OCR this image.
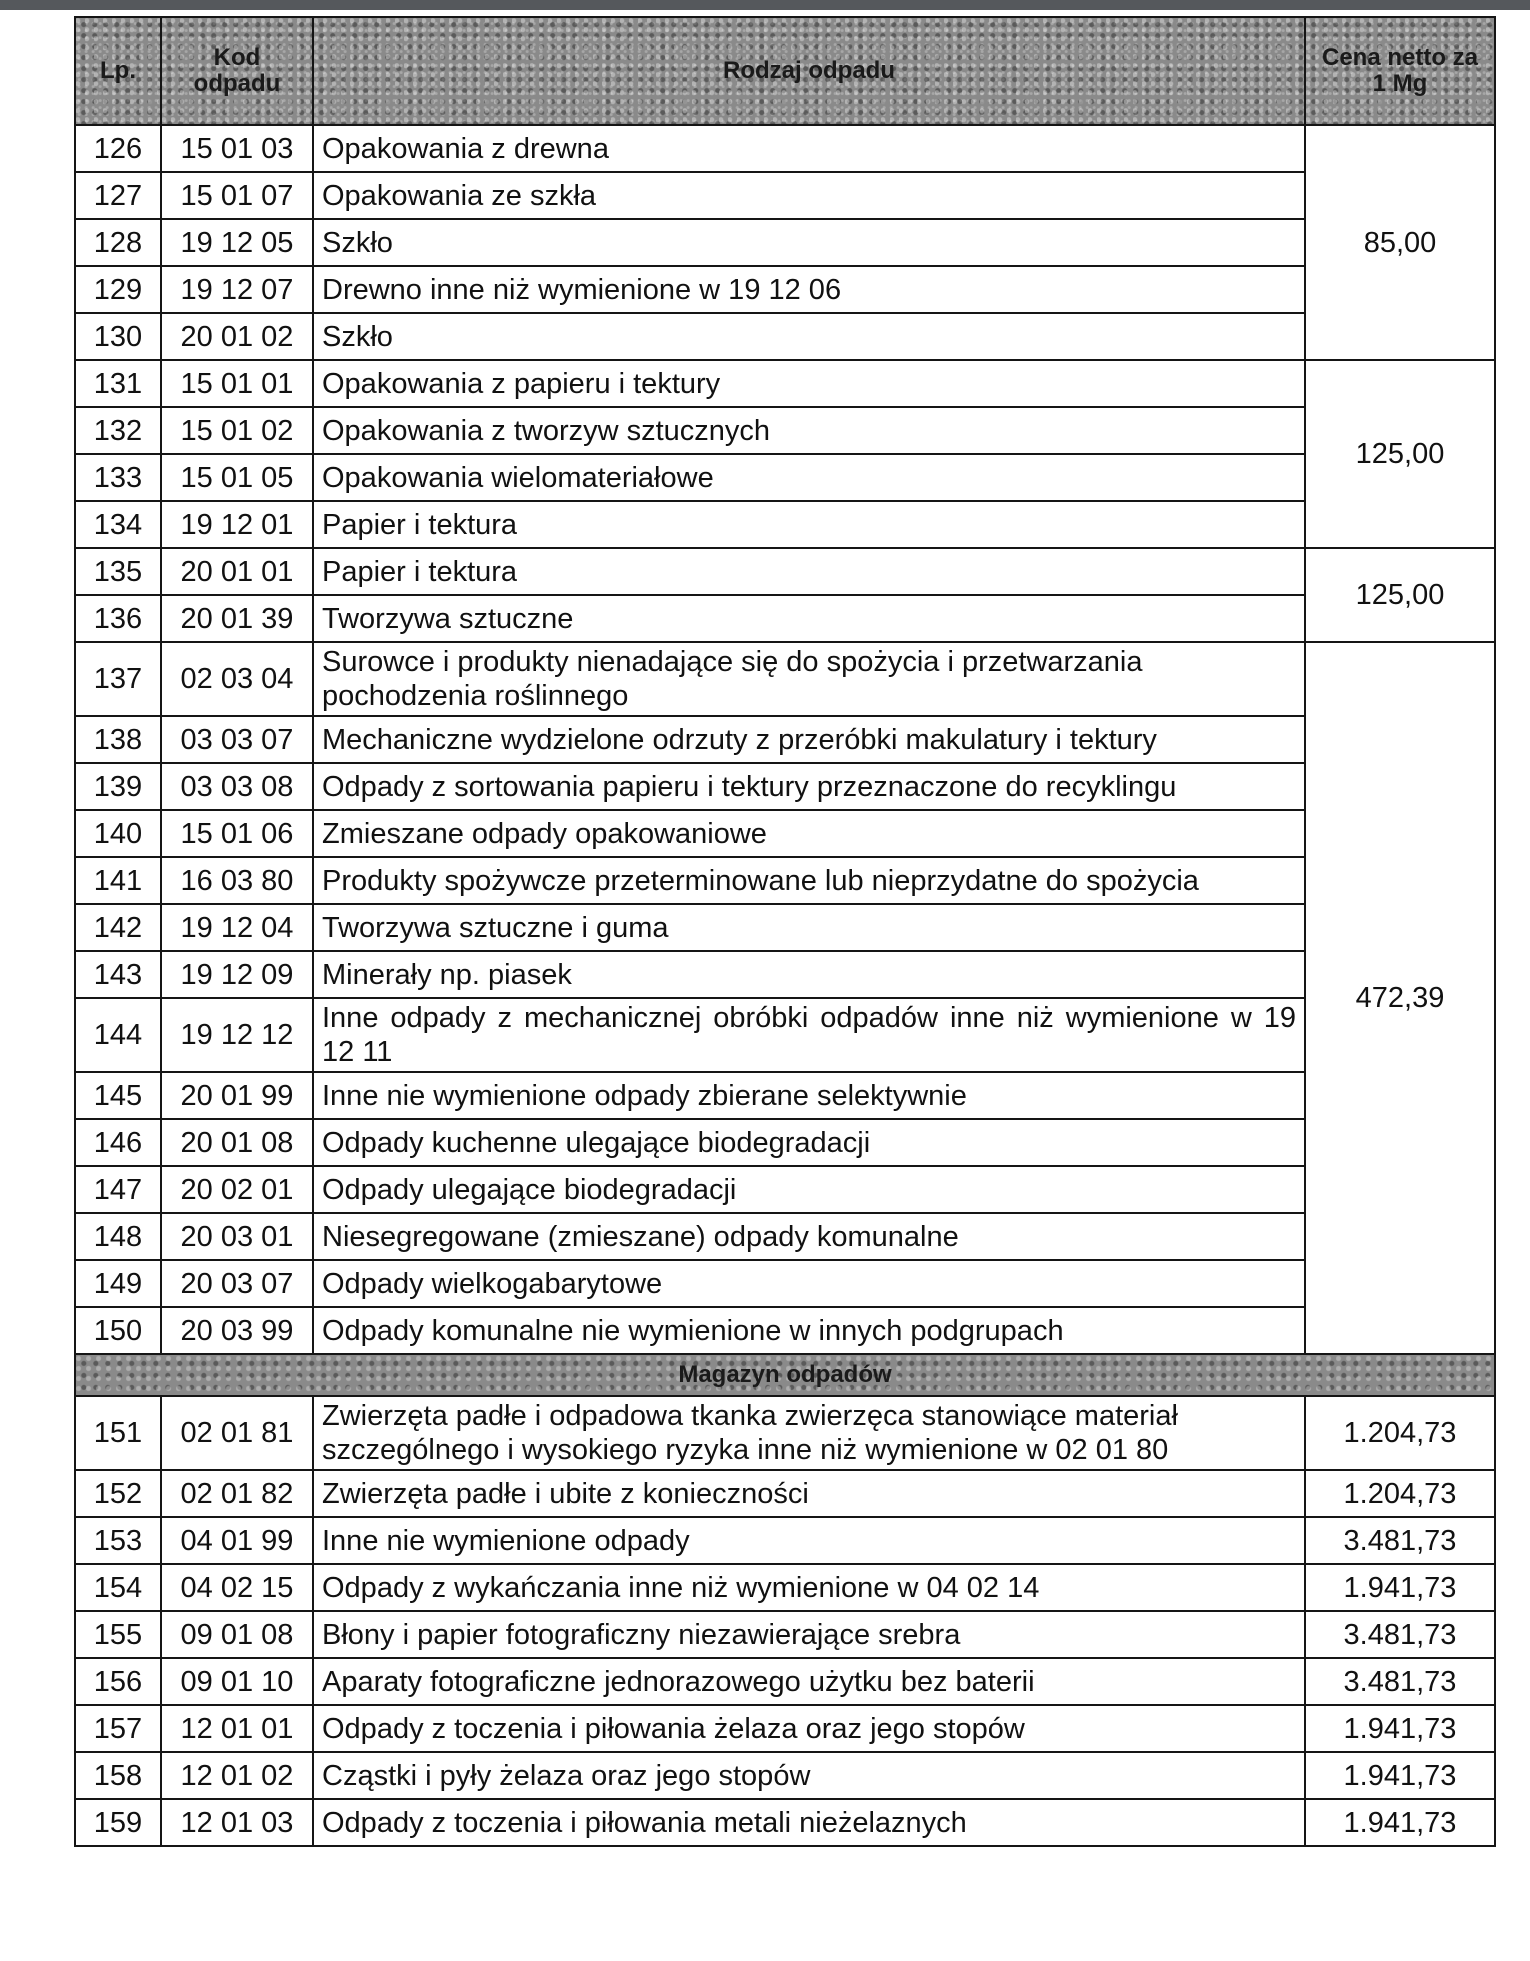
Lp.	Kod odpadu	Rodzaj odpadu	Cena netto za 1 Mg
126	15 01 03	Opakowania z drewna	85,00
127	15 01 07	Opakowania ze szkła	
128	19 12 05	Szkło	
129	19 12 07	Drewno inne niż wymienione w 19 12 06	
130	20 01 02	Szkło	
131	15 01 01	Opakowania z papieru i tektury	125,00
132	15 01 02	Opakowania z tworzyw sztucznych	
133	15 01 05	Opakowania wielomateriałowe	
134	19 12 01	Papier i tektura	
135	20 01 01	Papier i tektura	125,00
136	20 01 39	Tworzywa sztuczne	
137	02 03 04	Surowce i produkty nienadające się do spożycia i przetwarzania pochodzenia roślinnego	472,39
138	03 03 07	Mechaniczne wydzielone odrzuty z przeróbki makulatury i tektury	
139	03 03 08	Odpady z sortowania papieru i tektury przeznaczone do recyklingu	
140	15 01 06	Zmieszane odpady opakowaniowe	
141	16 03 80	Produkty spożywcze przeterminowane lub nieprzydatne do spożycia	
142	19 12 04	Tworzywa sztuczne i guma	
143	19 12 09	Minerały np. piasek	
144	19 12 12	Inne odpady z mechanicznej obróbki odpadów inne niż wymienione w 19 12 11	
145	20 01 99	Inne nie wymienione odpady zbierane selektywnie	
146	20 01 08	Odpady kuchenne ulegające biodegradacji	
147	20 02 01	Odpady ulegające biodegradacji	
148	20 03 01	Niesegregowane (zmieszane) odpady komunalne	
149	20 03 07	Odpady wielkogabarytowe	
150	20 03 99	Odpady komunalne nie wymienione w innych podgrupach	
Magazyn odpadów			
151	02 01 81	Zwierzęta padłe i odpadowa tkanka zwierzęca stanowiące materiał szczególnego i wysokiego ryzyka inne niż wymienione w 02 01 80	1.204,73
152	02 01 82	Zwierzęta padłe i ubite z konieczności	1.204,73
153	04 01 99	Inne nie wymienione odpady	3.481,73
154	04 02 15	Odpady z wykańczania inne niż wymienione w 04 02 14	1.941,73
155	09 01 08	Błony i papier fotograficzny niezawierające srebra	3.481,73
156	09 01 10	Aparaty fotograficzne jednorazowego użytku bez baterii	3.481,73
157	12 01 01	Odpady z toczenia i piłowania żelaza oraz jego stopów	1.941,73
158	12 01 02	Cząstki i pyły żelaza oraz jego stopów	1.941,73
159	12 01 03	Odpady z toczenia i piłowania metali nieżelaznych	1.941,73
